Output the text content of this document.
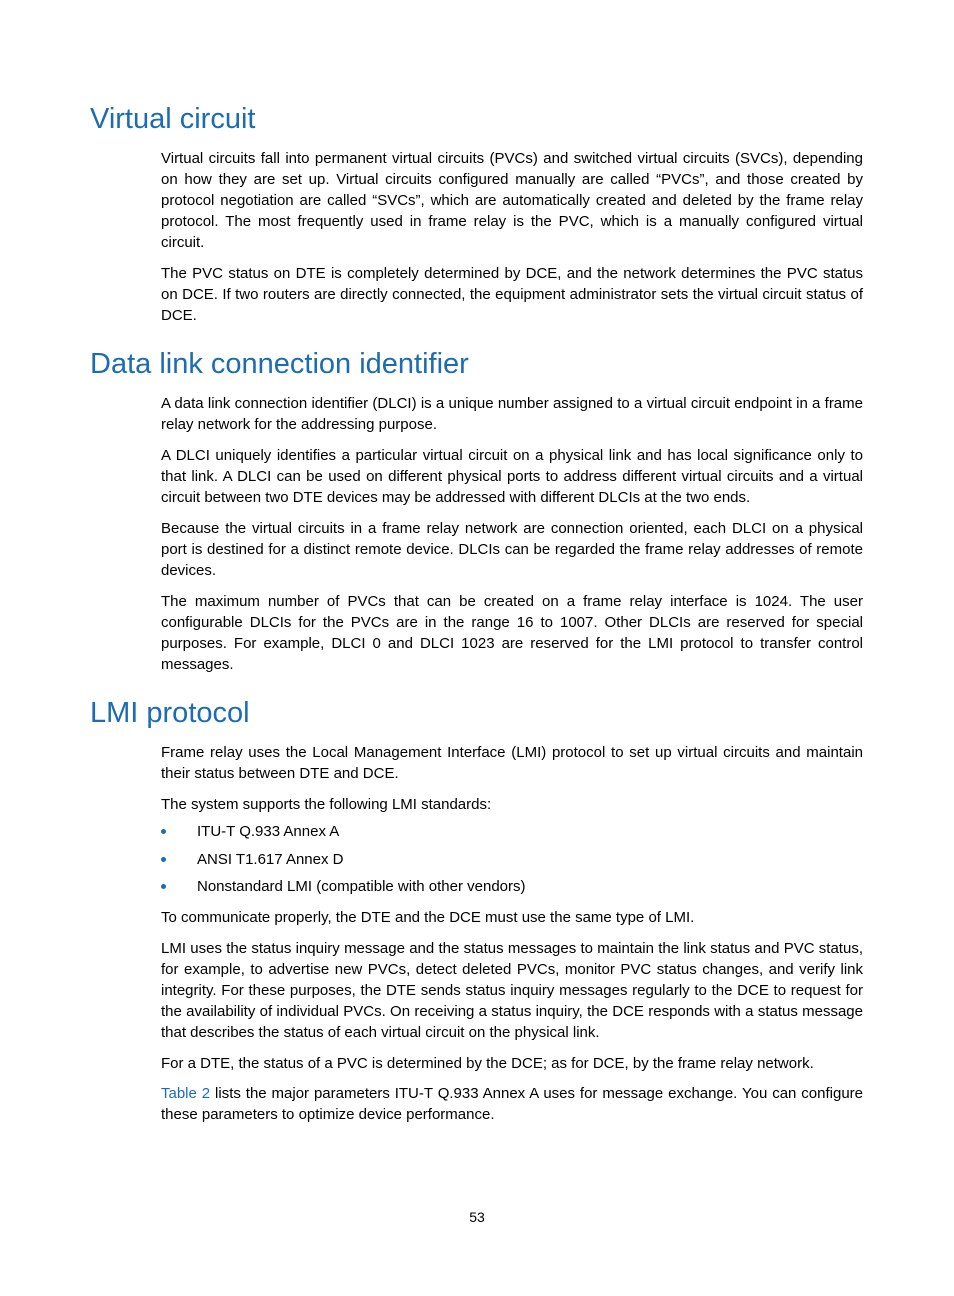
Virtual circuit

Virtual circuits fall into permanent virtual circuits (PVCs) and switched virtual circuits (SVCs), depending on how they are set up. Virtual circuits configured manually are called “PVCs”, and those created by protocol negotiation are called “SVCs”, which are automatically created and deleted by the frame relay protocol. The most frequently used in frame relay is the PVC, which is a manually configured virtual circuit.

The PVC status on DTE is completely determined by DCE, and the network determines the PVC status on DCE. If two routers are directly connected, the equipment administrator sets the virtual circuit status of DCE.

Data link connection identifier

A data link connection identifier (DLCI) is a unique number assigned to a virtual circuit endpoint in a frame relay network for the addressing purpose.

A DLCI uniquely identifies a particular virtual circuit on a physical link and has local significance only to that link. A DLCI can be used on different physical ports to address different virtual circuits and a virtual circuit between two DTE devices may be addressed with different DLCIs at the two ends.

Because the virtual circuits in a frame relay network are connection oriented, each DLCI on a physical port is destined for a distinct remote device. DLCIs can be regarded the frame relay addresses of remote devices.

The maximum number of PVCs that can be created on a frame relay interface is 1024. The user configurable DLCIs for the PVCs are in the range 16 to 1007. Other DLCIs are reserved for special purposes. For example, DLCI 0 and DLCI 1023 are reserved for the LMI protocol to transfer control messages.

LMI protocol

Frame relay uses the Local Management Interface (LMI) protocol to set up virtual circuits and maintain their status between DTE and DCE.

The system supports the following LMI standards:

ITU-T Q.933 Annex A
ANSI T1.617 Annex D
Nonstandard LMI (compatible with other vendors)

To communicate properly, the DTE and the DCE must use the same type of LMI.

LMI uses the status inquiry message and the status messages to maintain the link status and PVC status, for example, to advertise new PVCs, detect deleted PVCs, monitor PVC status changes, and verify link integrity. For these purposes, the DTE sends status inquiry messages regularly to the DCE to request for the availability of individual PVCs. On receiving a status inquiry, the DCE responds with a status message that describes the status of each virtual circuit on the physical link.

For a DTE, the status of a PVC is determined by the DCE; as for DCE, by the frame relay network.

Table 2 lists the major parameters ITU-T Q.933 Annex A uses for message exchange. You can configure these parameters to optimize device performance.

53
